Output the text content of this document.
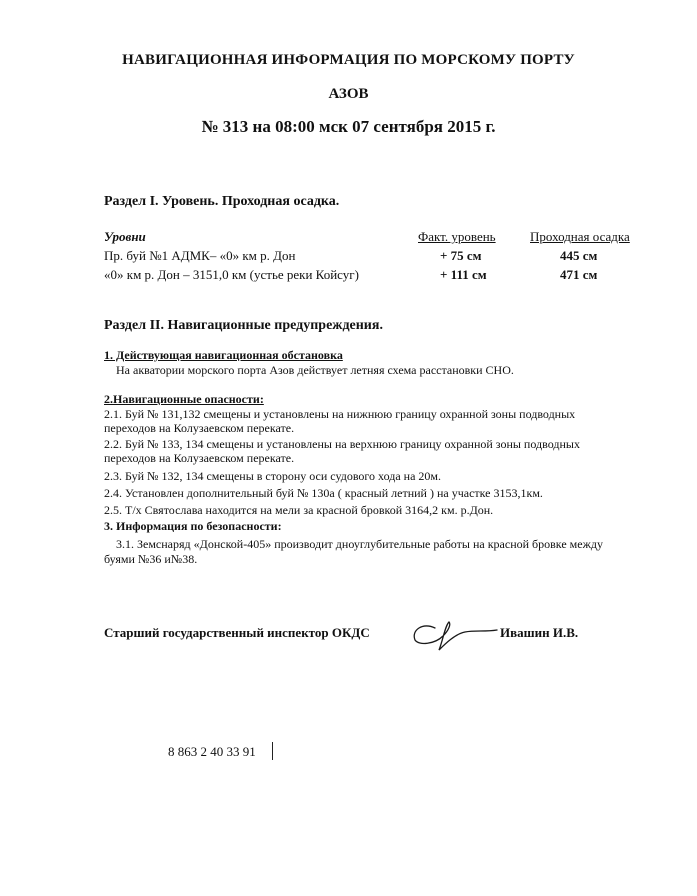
НАВИГАЦИОННАЯ ИНФОРМАЦИЯ ПО МОРСКОМУ ПОРТУ
АЗОВ
№ 313 на 08:00 мск 07 сентября 2015 г.
Раздел I. Уровень. Проходная осадка.
Уровни	Факт. уровень	Проходная осадка
Пр. буй №1 АДМК– «0» км р. Дон	+ 75 см	445 см
«0» км р. Дон – 3151,0 км (устье реки Койсуг)	+ 111 см	471 см
Раздел II. Навигационные предупреждения.
1. Действующая навигационная обстановка
На акватории морского порта Азов действует летняя схема расстановки СНО.
2.Навигационные опасности:
2.1. Буй № 131,132 смещены и установлены на нижнюю границу охранной зоны подводных
переходов на Колузаевском перекате.
2.2. Буй № 133, 134 смещены и установлены на верхнюю границу охранной зоны подводных
переходов на Колузаевском перекате.
2.3. Буй № 132, 134 смещены в сторону оси судового хода на 20м.
2.4. Установлен дополнительный буй № 130а ( красный летний ) на участке 3153,1км.
2.5. Т/х Святослава находится на мели за красной бровкой 3164,2 км. р.Дон.
3. Информация по безопасности:
3.1. Земснаряд «Донской-405» производит дноуглубительные работы на красной бровке между
буями №36 и№38.
Старший государственный инспектор ОКДС	Ивашин И.В.
8 863 2 40 33 91
